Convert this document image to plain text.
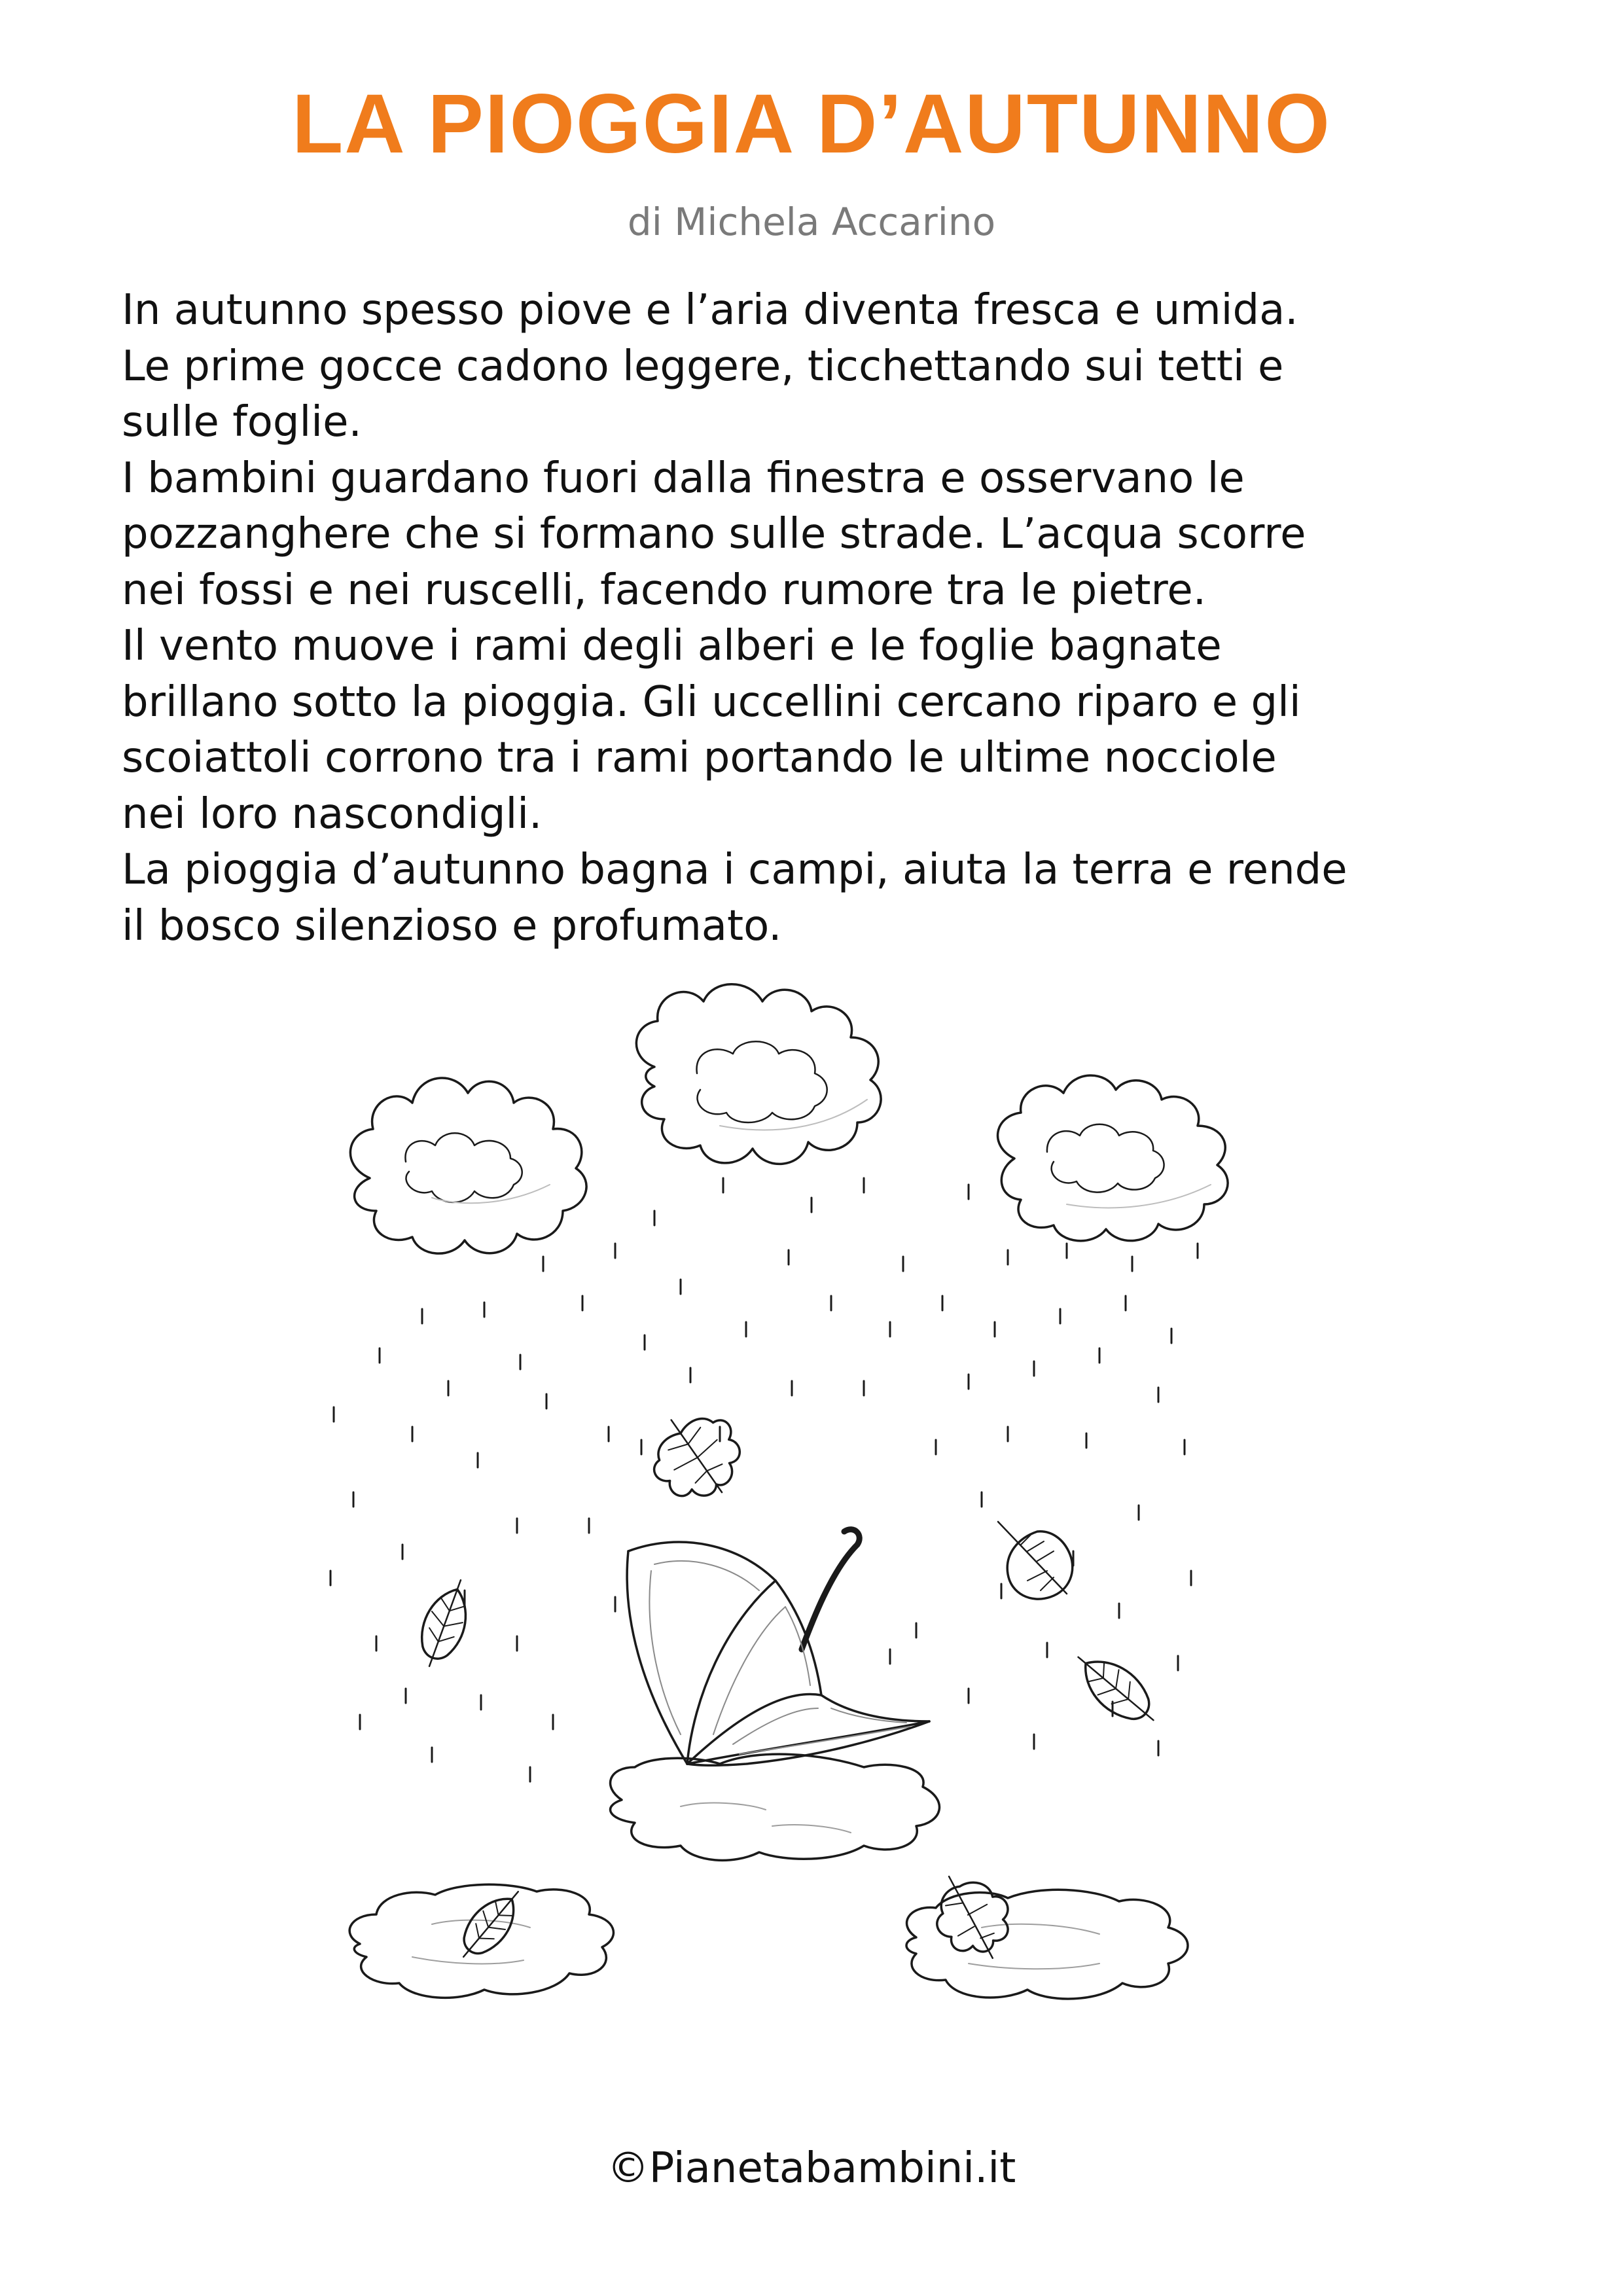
LA PIOGGIA D’AUTUNNO
di Michela Accarino
In autunno spesso piove e l’aria diventa fresca e umida.
Le prime gocce cadono leggere, ticchettando sui tetti e
sulle foglie.
I bambini guardano fuori dalla finestra e osservano le
pozzanghere che si formano sulle strade. L’acqua scorre
nei fossi e nei ruscelli, facendo rumore tra le pietre.
Il vento muove i rami degli alberi e le foglie bagnate
brillano sotto la pioggia. Gli uccellini cercano riparo e gli
scoiattoli corrono tra i rami portando le ultime nocciole
nei loro nascondigli.
La pioggia d’autunno bagna i campi, aiuta la terra e rende
il bosco silenzioso e profumato.
©Pianetabambini.it
